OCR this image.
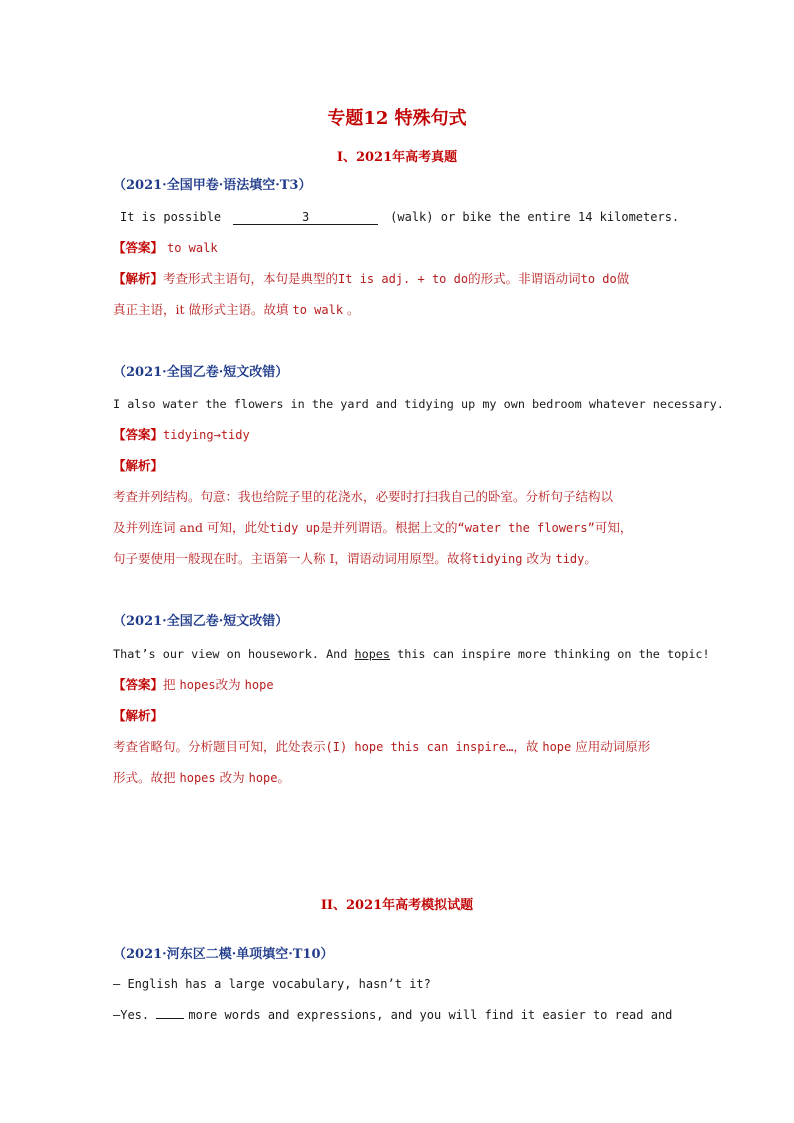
专题12 特殊句式
I、2021年高考真题
（2021·全国甲卷·语法填空·T3）
It is possible	3	(walk) or bike the entire 14 kilometers.
【答案】 to walk
【解析】考查形式主语句，本句是典型的It is adj. + to do的形式。非谓语动词to do做
真正主语，it 做形式主语。故填 to walk 。
（2021·全国乙卷·短文改错）
I also water the flowers in the yard and tidying up my own bedroom whatever necessary.
【答案】tidying→tidy
【解析】
考查并列结构。句意：我也给院子里的花浇水，必要时打扫我自己的卧室。分析句子结构以
及并列连词 and 可知，此处tidy up是并列谓语。根据上文的“water the flowers”可知，
句子要使用一般现在时。主语第一人称 I，谓语动词用原型。故将tidying 改为 tidy。
（2021·全国乙卷·短文改错）
That’s our view on housework. And hopes this can inspire more thinking on the topic!
【答案】把 hopes改为 hope
【解析】
考查省略句。分析题目可知，此处表示(I) hope this can inspire…，故 hope 应用动词原形
形式。故把 hopes 改为 hope。
II、2021年高考模拟试题
（2021·河东区二模·单项填空·T10）
— English has a large vocabulary, hasn’t it?
—Yes.	more words and expressions, and you will find it easier to read and
